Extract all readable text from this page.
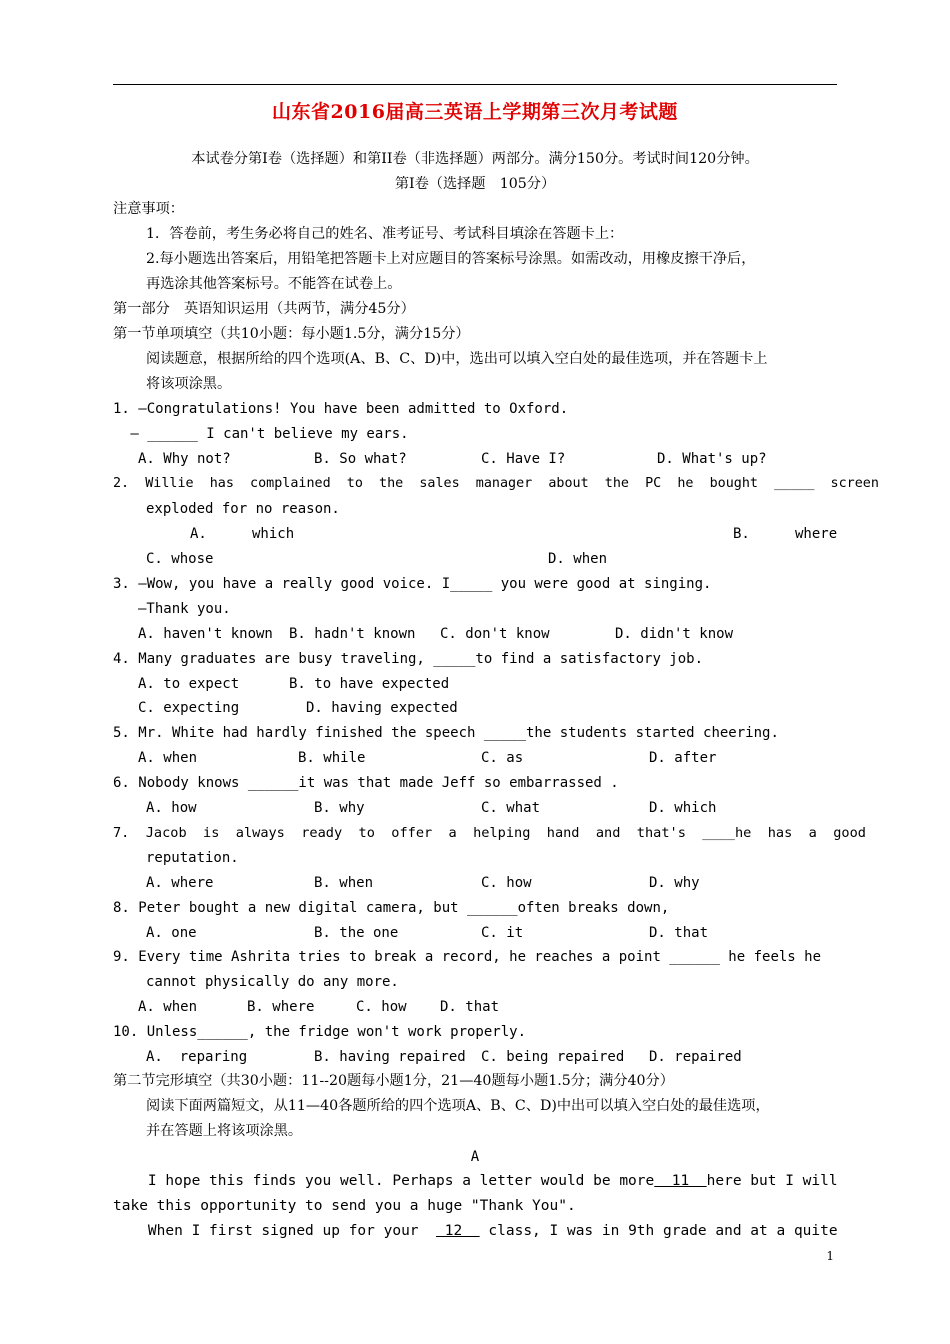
山东省2016届高三英语上学期第三次月考试题
本试卷分第Ⅰ卷（选择题）和第II卷（非选择题）两部分。满分150分。考试时间120分钟。
第Ⅰ卷（选择题　105分）
注意事项：
1．答卷前，考生务必将自己的姓名、准考证号、考试科目填涂在答题卡上：
2.每小题选出答案后，用铅笔把答题卡上对应题目的答案标号涂黑。如需改动，用橡皮擦干净后，
再选涂其他答案标号。不能答在试卷上。
第一部分　英语知识运用（共两节，满分45分）
第一节单项填空（共10小题：每小题1.5分，满分15分）
阅读题意，根据所给的四个选项(A、B、C、D)中，选出可以填入空白处的最佳选项，并在答题卡上
将该项涂黑。
1. —Congratulations! You have been admitted to Oxford.
— ______ I can't believe my ears.
A. Why not?	B. So what?	C. Have I?	D. What's up?
2.  Willie  has  complained  to  the  sales  manager  about  the  PC  he  bought  _____  screen
exploded for no reason.
A.	which	B.	where
C. whose	D. when
3. —Wow, you have a really good voice. I_____ you were good at singing.
—Thank you.
A. haven't known B. hadn't known C. don't know	D. didn't know
4. Many graduates are busy traveling, _____to find a satisfactory job.
A. to expect	B. to have expected
C. expecting	D. having expected
5. Mr. White had hardly finished the speech _____the students started cheering.
A. when	B. while	C. as	D. after
6. Nobody knows ______it was that made Jeff so embarrassed .
A. how	B. why	C. what	D. which
7.  Jacob  is  always  ready  to  offer  a  helping  hand  and  that's  ____he  has  a  good
reputation.
A. where	B. when	C. how	D. why
8. Peter bought a new digital camera, but ______often breaks down,
A. one	B. the one	C. it	D. that
9. Every time Ashrita tries to break a record, he reaches a point ______ he feels he
cannot physically do any more.
A. when	B. where	C. how D. that
10. Unless______, the fridge won't work properly.
A.  reparing	B. having repaired C. being repaired D. repaired
第二节完形填空（共30小题：11--20题每小题1分，21—40题每小题1.5分；满分40分）
阅读下面两篇短文，从11—40各题所给的四个选项A、B、C、D)中出可以填入空白处的最佳选项，
并在答题上将该项涂黑。
A
I hope this finds you well. Perhaps a letter would be more  11  here but I will
take this opportunity to send you a huge "Thank You".
When I first signed up for your   12   class, I was in 9th grade and at a quite
1
